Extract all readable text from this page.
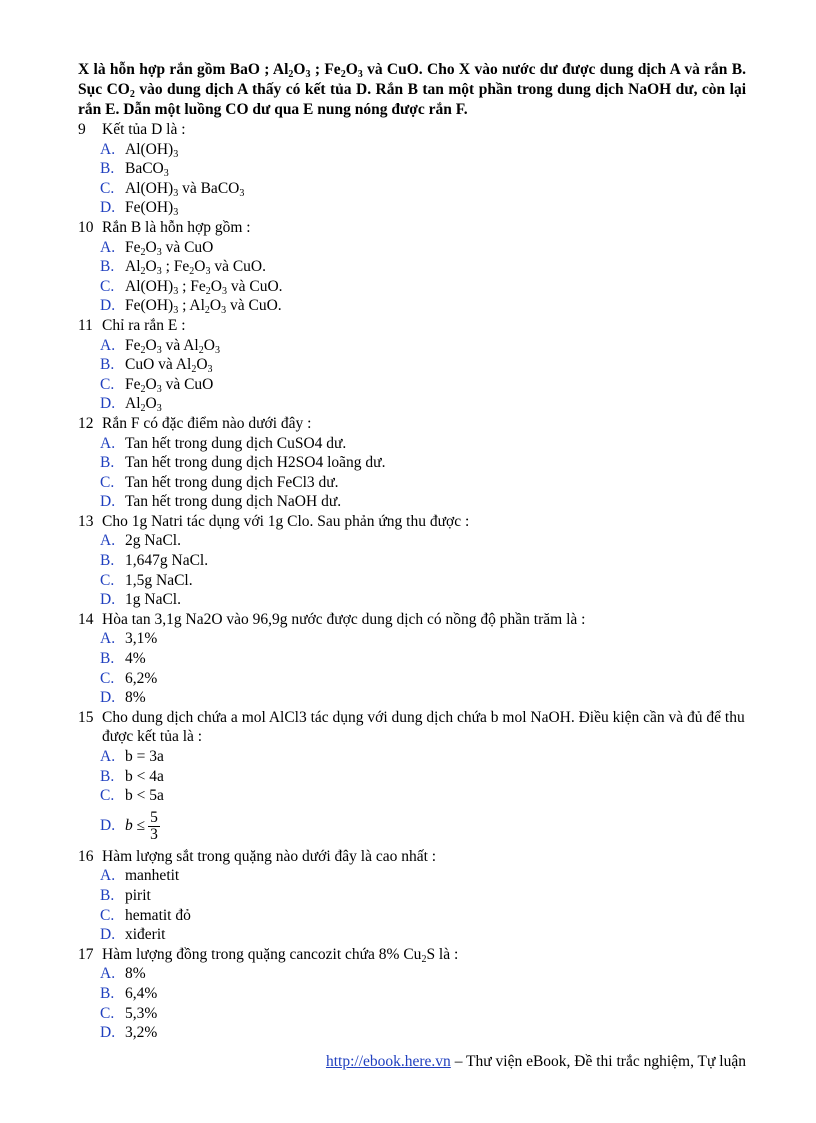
X là hỗn hợp rắn gồm BaO ; $Al_2O_3$ ; $Fe_2O_3$ và CuO. Cho X vào nước dư được dung dịch A và rắn B. Sục $CO_2$ vào dung dịch A thấy có kết tủa D. Rắn B tan một phần trong dung dịch NaOH dư, còn lại rắn E. Dẫn một luồng CO dư qua E nung nóng được rắn F.
9	Kết tủa D là :
A. $Al(OH)_3$
B. BaCO$_3$
C. $Al(OH)_3$ và BaCO$_3$
D. $Fe(OH)_3$
10 Rắn B là hỗn hợp gồm :
A. $Fe_2O_3$ và CuO
B. $Al_2O_3$ ; $Fe_2O_3$ và CuO.
C. $Al(OH)_3$ ; $Fe_2O_3$ và CuO.
D. $Fe(OH)_3$ ; $Al_2O_3$ và CuO.
11 Chỉ ra rắn E :
A. $Fe_2O_3$ và $Al_2O_3$
B. CuO và $Al_2O_3$
C. $Fe_2O_3$ và CuO
D. $Al_2O_3$
12 Rắn F có đặc điểm nào dưới đây :
A. Tan hết trong dung dịch CuSO4 dư.
B. Tan hết trong dung dịch H2SO4 loãng dư.
C. Tan hết trong dung dịch FeCl3 dư.
D. Tan hết trong dung dịch NaOH dư.
13 Cho 1g Natri tác dụng với 1g Clo. Sau phản ứng thu được :
A. 2g NaCl.
B. 1,647g NaCl.
C. 1,5g NaCl.
D. 1g NaCl.
14 Hòa tan 3,1g Na2O vào 96,9g nước được dung dịch có nồng độ phần trăm là :
A. 3,1%
B. 4%
C. 6,2%
D. 8%
15 Cho dung dịch chứa a mol AlCl3 tác dụng với dung dịch chứa b mol NaOH. Điều kiện cần và đủ để thu được kết tủa là :
A. b = 3a
B. b < 4a
C. b < 5a
D. $b \le \frac{5}{3}$
16 Hàm lượng sắt trong quặng nào dưới đây là cao nhất :
A. manhetit
B. pirit
C. hematit đỏ
D. xiđerit
17 Hàm lượng đồng trong quặng cancozit chứa 8% $Cu_2S$ là :
A. 8%
B. 6,4%
C. 5,3%
D. 3,2%
http://ebook.here.vn – Thư viện eBook, Đề thi trắc nghiệm, Tự luận
